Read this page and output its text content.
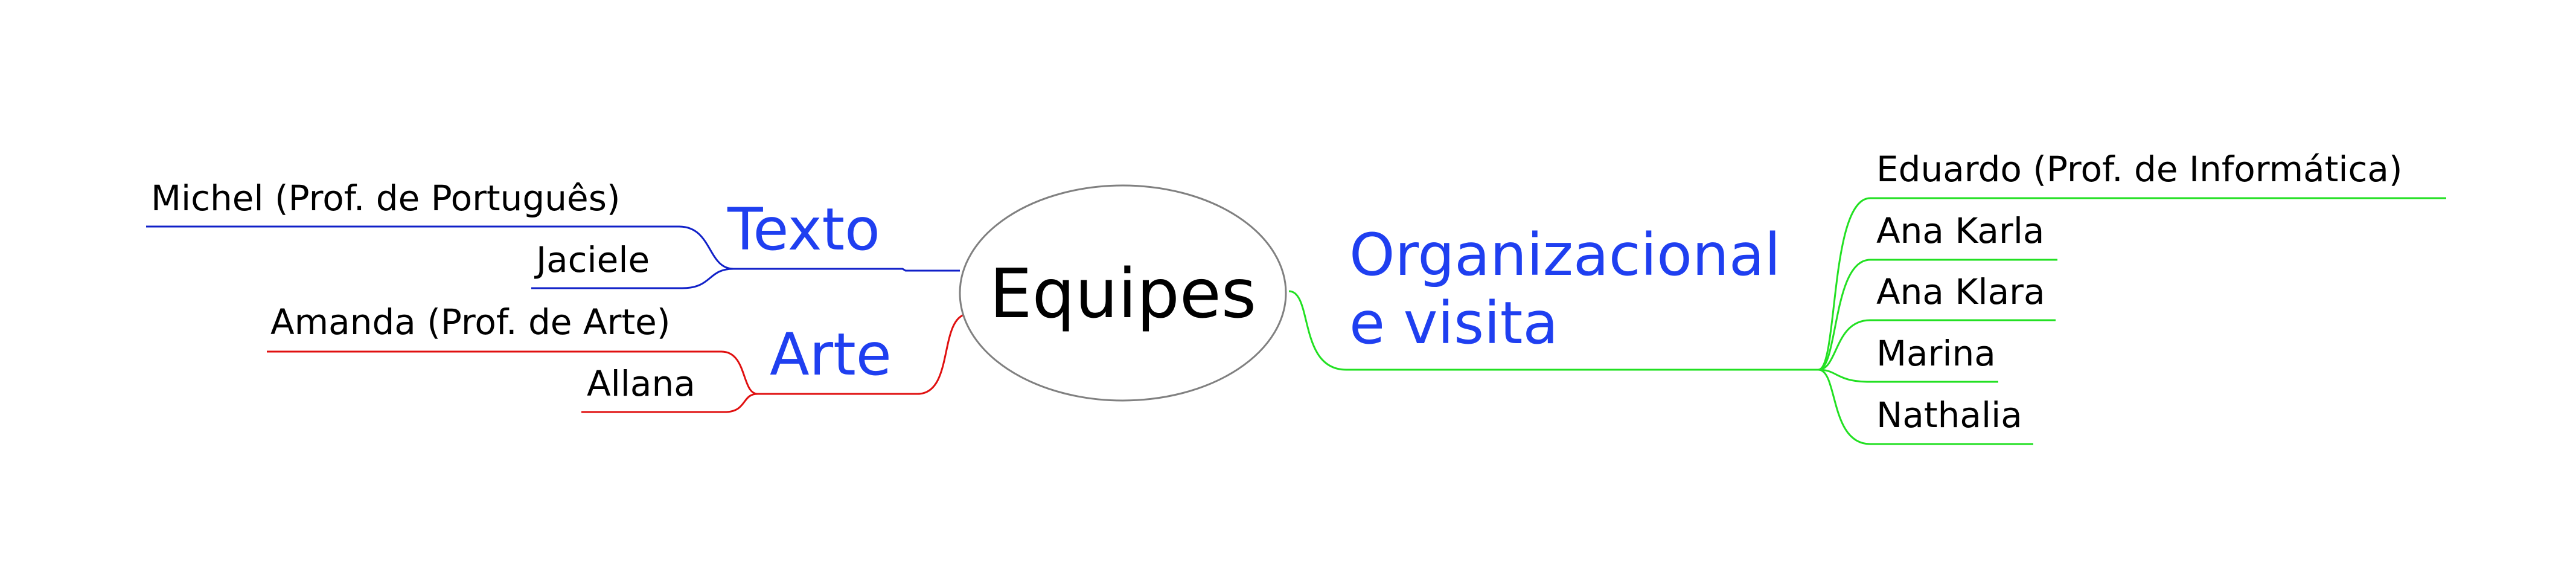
Texto
Michel (Prof. de Português)
Jaciele
Arte
Amanda (Prof. de Arte)
Allana
Organizacional
e visita
Eduardo (Prof. de Informática)
Ana Karla
Ana Klara
Marina
Nathalia
Equipes
